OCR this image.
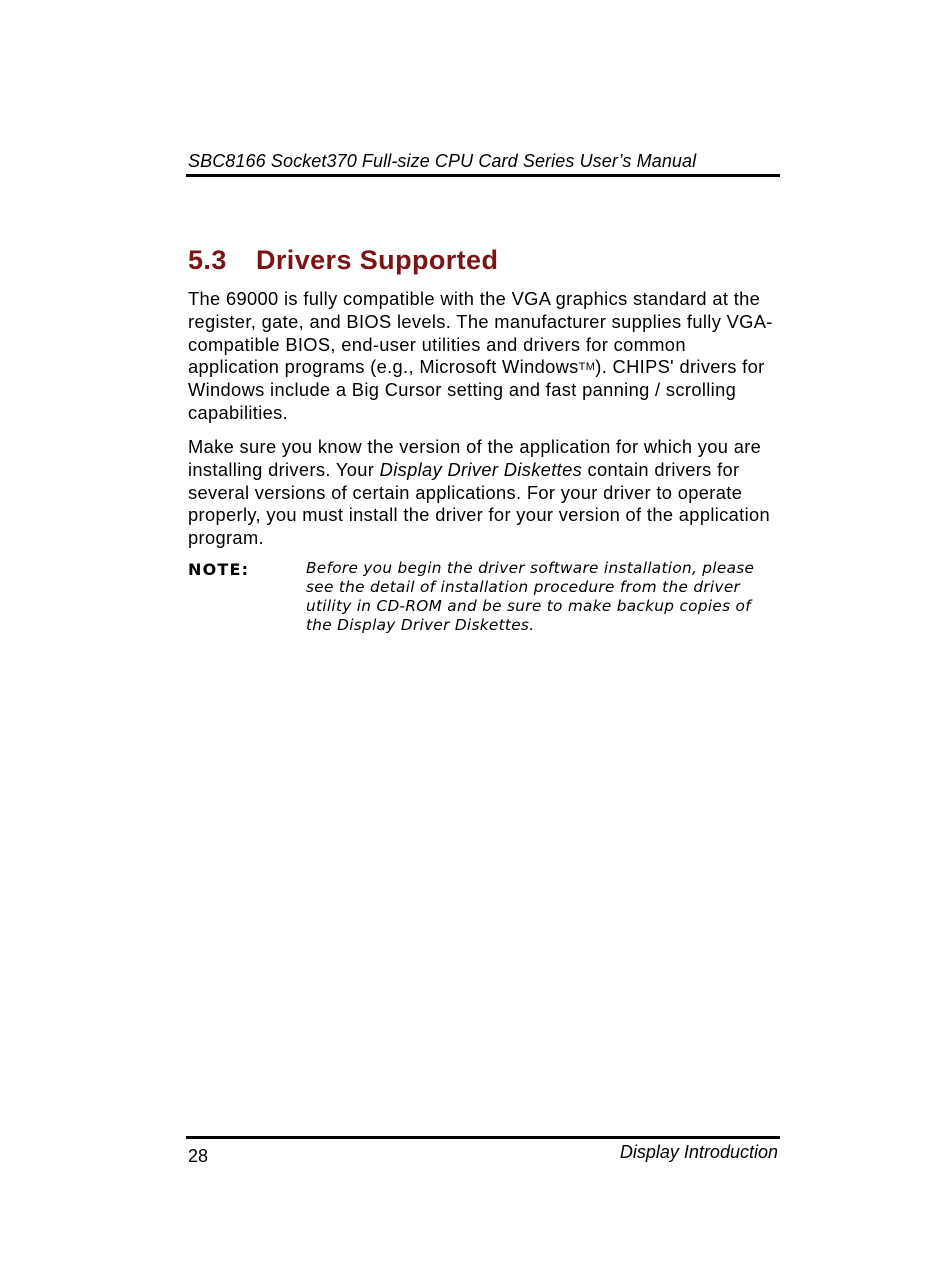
SBC8166 Socket370 Full-size CPU Card Series User’s Manual
5.3 Drivers Supported

The 69000 is fully compatible with the VGA graphics standard at the register, gate, and BIOS levels. The manufacturer supplies fully VGA-compatible BIOS, end-user utilities and drivers for common application programs (e.g., Microsoft WindowsTM). CHIPS' drivers for Windows include a Big Cursor setting and fast panning / scrolling capabilities.

Make sure you know the version of the application for which you are installing drivers. Your Display Driver Diskettes contain drivers for several versions of certain applications. For your driver to operate properly, you must install the driver for your version of the application program.

NOTE:	Before you begin the driver software installation, please see the detail of installation procedure from the driver utility in CD-ROM and be sure to make backup copies of the Display Driver Diskettes.

28	Display Introduction
